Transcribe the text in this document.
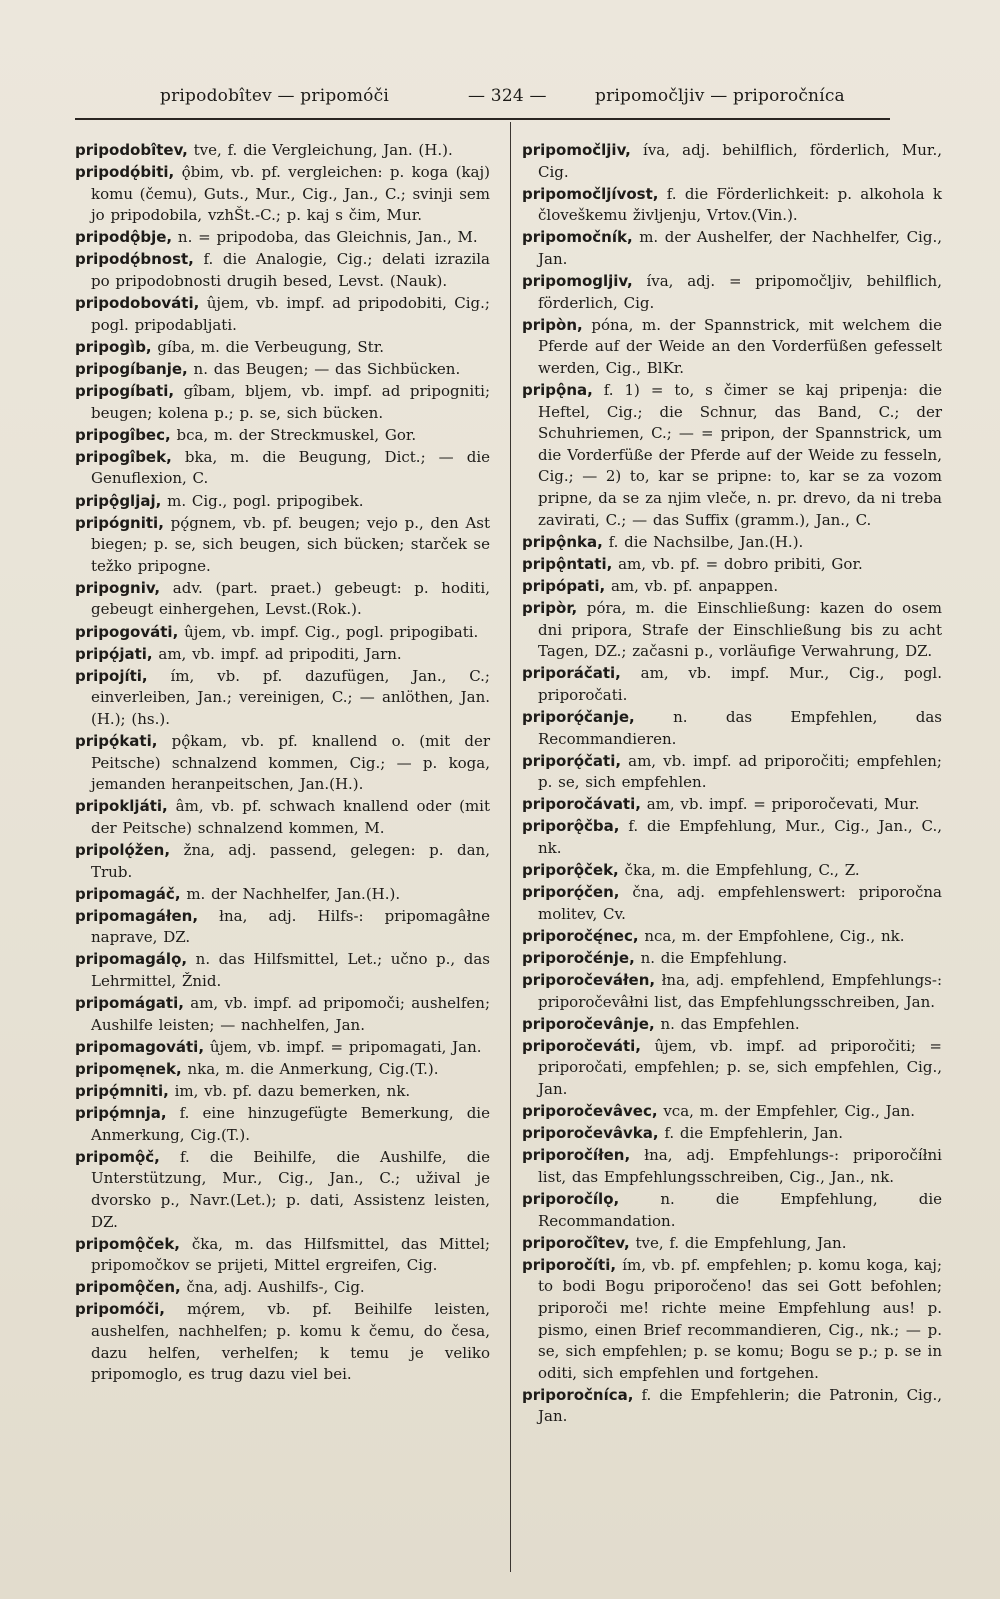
pripodobîtev — pripomóči	— 324 —	pripomočljiv — priporočníca

pripodobîtev, tve, f. die Vergleichung, Jan. (H.).

pripodǫ́biti, ǫ̂bim, vb. pf. vergleichen: p. koga (kaj) komu (čemu), Guts., Mur., Cig., Jan., C.; svinji sem jo pripodobila, vzhŠt.-C.; p. kaj s čim, Mur.

pripodǫ̂bje, n. = pripodoba, das Gleichnis, Jan., M.

pripodǫ́bnost, f. die Analogie, Cig.; delati izrazila po pripodobnosti drugih besed, Levst. (Nauk).

pripodobováti, ûjem, vb. impf. ad pripodobiti, Cig.; pogl. pripodabljati.

pripogìb, gíba, m. die Verbeugung, Str.

pripogíbanje, n. das Beugen; — das Sichbücken.

pripogíbati, gîbam, bljem, vb. impf. ad pripogniti; beugen; kolena p.; p. se, sich bücken.

pripogîbec, bca, m. der Streckmuskel, Gor.

pripogîbek, bka, m. die Beugung, Dict.; — die Genuflexion, C.

pripǫ̂gljaj, m. Cig., pogl. pripogibek.

pripógniti, pǫ́gnem, vb. pf. beugen; vejo p., den Ast biegen; p. se, sich beugen, sich bücken; starček se težko pripogne.

pripogniv, adv. (part. praet.) gebeugt: p. hoditi, gebeugt einhergehen, Levst.(Rok.).

pripogováti, ûjem, vb. impf. Cig., pogl. pripogibati.

pripǫ́jati, am, vb. impf. ad pripoditi, Jarn.

pripojíti, ím, vb. pf. dazufügen, Jan., C.; einverleiben, Jan.; vereinigen, C.; — anlöthen, Jan.(H.); (hs.).

pripǫ́kati, pǫ̂kam, vb. pf. knallend o. (mit der Peitsche) schnalzend kommen, Cig.; — p. koga, jemanden heranpeitschen, Jan.(H.).

pripokljáti, âm, vb. pf. schwach knallend oder (mit der Peitsche) schnalzend kommen, M.

pripolǫ́žen, žna, adj. passend, gelegen: p. dan, Trub.

pripomagáč, m. der Nachhelfer, Jan.(H.).

pripomagáłen, łna, adj. Hilfs-: pripomagâłne naprave, DZ.

pripomagálǫ, n. das Hilfsmittel, Let.; učno p., das Lehrmittel, Žnid.

pripomágati, am, vb. impf. ad pripomoči; aushelfen; Aushilfe leisten; — nachhelfen, Jan.

pripomagováti, ûjem, vb. impf. = pripomagati, Jan.

pripomęnek, nka, m. die Anmerkung, Cig.(T.).

pripǫ́mniti, im, vb. pf. dazu bemerken, nk.

pripǫ́mnja, f. eine hinzugefügte Bemerkung, die Anmerkung, Cig.(T.).

pripomǫ̂č, f. die Beihilfe, die Aushilfe, die Unterstützung, Mur., Cig., Jan., C.; užival je dvorsko p., Navr.(Let.); p. dati, Assistenz leisten, DZ.

pripomǫ̂ček, čka, m. das Hilfsmittel, das Mittel; pripomočkov se prijeti, Mittel ergreifen, Cig.

pripomǫ̂čen, čna, adj. Aushilfs-, Cig.

pripomóči, mǫ́rem, vb. pf. Beihilfe leisten, aushelfen, nachhelfen; p. komu k čemu, do česa, dazu helfen, verhelfen; k temu je veliko pripomoglo, es trug dazu viel bei.

pripomočljiv, íva, adj. behilflich, förderlich, Mur., Cig.

pripomočljívost, f. die Förderlichkeit: p. alkohola k človeškemu življenju, Vrtov.(Vin.).

pripomočník, m. der Aushelfer, der Nachhelfer, Cig., Jan.

pripomogljiv, íva, adj. = pripomočljiv, behilflich, förderlich, Cig.

pripòn, póna, m. der Spannstrick, mit welchem die Pferde auf der Weide an den Vorderfüßen gefesselt werden, Cig., BlKr.

pripǫ̂na, f. 1) = to, s čimer se kaj pripenja: die Heftel, Cig.; die Schnur, das Band, C.; der Schuhriemen, C.; — = pripon, der Spannstrick, um die Vorderfüße der Pferde auf der Weide zu fesseln, Cig.; — 2) to, kar se pripne: to, kar se za vozom pripne, da se za njim vleče, n. pr. drevo, da ni treba zavirati, C.; — das Suffix (gramm.), Jan., C.

pripǫ̂nka, f. die Nachsilbe, Jan.(H.).

pripǫ̂ntati, am, vb. pf. = dobro pribiti, Gor.

pripópati, am, vb. pf. anpappen.

pripòr, póra, m. die Einschließung: kazen do osem dni pripora, Strafe der Einschließung bis zu acht Tagen, DZ.; začasni p., vorläufige Verwahrung, DZ.

priporáčati, am, vb. impf. Mur., Cig., pogl. priporočati.

priporǫ́čanje,	n. das Empfehlen, das Recommandieren.

priporǫ́čati, am, vb. impf. ad priporočiti; empfehlen; p. se, sich empfehlen.

priporočávati, am, vb. impf. = priporočevati, Mur.

priporǫ̂čba, f. die Empfehlung, Mur., Cig., Jan., C., nk.

priporǫ̂ček, čka, m. die Empfehlung, C., Z.

priporǫ́čen, čna, adj. empfehlenswert: priporočna molitev, Cv.

priporočę́nec, nca, m. der Empfohlene, Cig., nk.

priporočénje, n. die Empfehlung.

priporočeváłen, łna, adj. empfehlend, Empfehlungs-: priporočevâłni list, das Empfehlungsschreiben, Jan.

priporočevânje, n. das Empfehlen.

priporočeváti, ûjem, vb. impf. ad priporočiti; = priporočati, empfehlen; p. se, sich empfehlen, Cig., Jan.

priporočevâvec, vca, m. der Empfehler, Cig., Jan.

priporočevâvka, f. die Empfehlerin, Jan.

priporočíłen, łna, adj. Empfehlungs-: priporočíłni list, das Empfehlungsschreiben, Cig., Jan., nk.

priporočílǫ,	n. die Empfehlung, die Recommandation.

priporočîtev, tve, f. die Empfehlung, Jan.

priporočíti, ím, vb. pf. empfehlen; p. komu koga, kaj; to bodi Bogu priporočeno! das sei Gott befohlen; priporoči me! richte meine Empfehlung aus! p. pismo, einen Brief recommandieren, Cig., nk.; — p. se, sich empfehlen; p. se komu; Bogu se p.; p. se in oditi, sich empfehlen und fortgehen.

priporočníca, f. die Empfehlerin; die Patronin, Cig., Jan.
